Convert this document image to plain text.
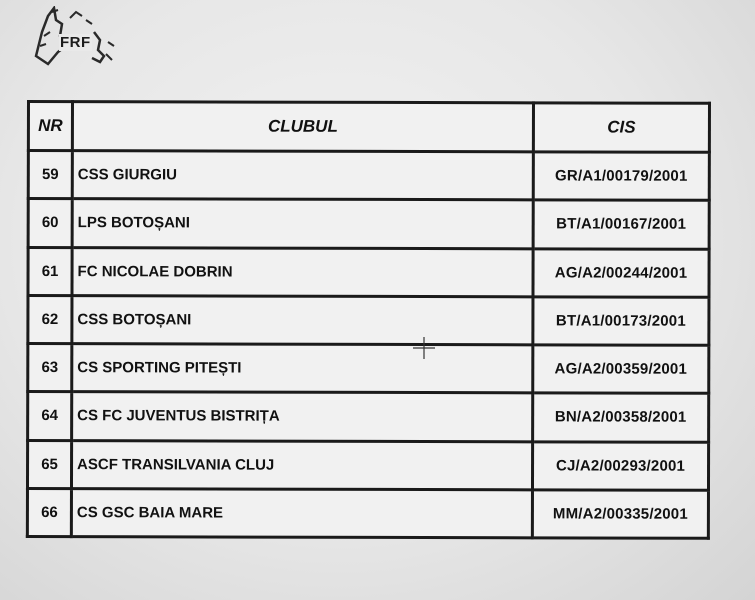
FRF
NR	CLUBUL	CIS
59	CSS GIURGIU	GR/A1/00179/2001
60	LPS BOTOȘANI	BT/A1/00167/2001
61	FC NICOLAE DOBRIN	AG/A2/00244/2001
62	CSS BOTOȘANI	BT/A1/00173/2001
63	CS SPORTING PITEȘTI	AG/A2/00359/2001
64	CS FC JUVENTUS BISTRIȚA	BN/A2/00358/2001
65	ASCF TRANSILVANIA CLUJ	CJ/A2/00293/2001
66	CS GSC BAIA MARE	MM/A2/00335/2001
